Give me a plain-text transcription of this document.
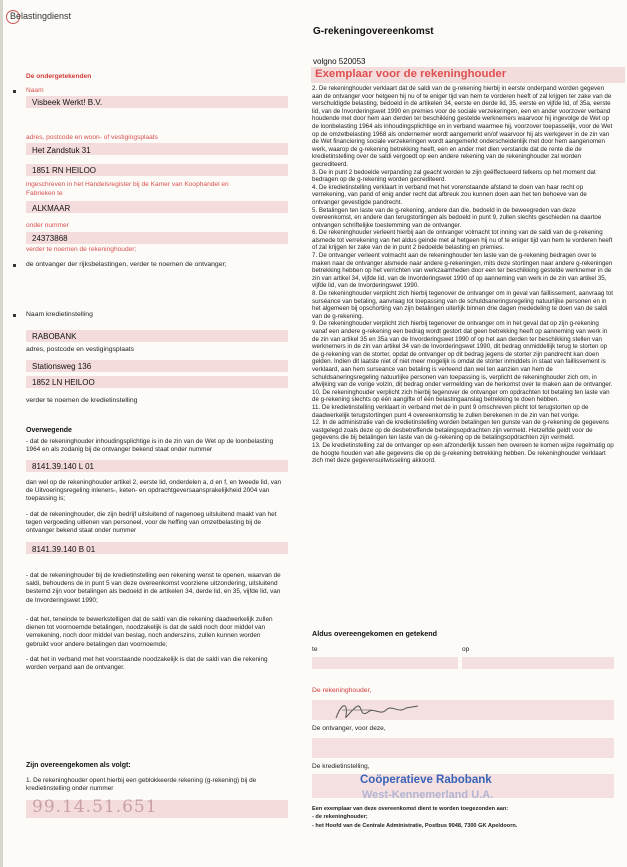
Belastingdienst
G-rekeningovereenkomst
De ondergetekenden
Naam
Visbeek Werkt! B.V.
adres, postcode en woon- of vestigingsplaats
Het Zandstuk 31
1851 RN HEILOO
ingeschreven in het Handelsregister bij de Kamer van Koophandel en
Fabrieken te
ALKMAAR
onder nummer
24373868
verder te noemen de rekeninghouder;
de ontvanger der rijksbelastingen, verder te noemen de ontvanger;
Naam kredietinstelling
RABOBANK
adres, postcode en vestigingsplaats
Stationsweg 136
1852 LN HEILOO
verder te noemen de kredietinstelling
Overwegende
- dat de rekeninghouder inhoudingsplichtige is in de zin van de Wet op de loonbelasting 1964 en als zodanig bij de ontvanger bekend staat onder nummer
8141.39.140 L 01
dan wel op de rekeninghouder artikel 2, eerste lid, onderdelen a, d en f, en tweede lid, van de Uitvoeringsregeling inleners-, keten- en opdrachtgeversaansprakelijkheid 2004 van toepassing is;
- dat de rekeninghouder, die zijn bedrijf uitsluitend of nagenoeg uitsluitend maakt van het tegen vergoeding uitlenen van personeel, voor de heffing van omzetbelasting bij de ontvanger bekend staat onder nummer
8141.39.140 B 01
- dat de rekeninghouder bij de kredietinstelling een rekening wenst te openen, waarvan de saldi, behoudens de in punt 5 van deze overeenkomst voorziene uitzondering, uitsluitend bestemd zijn voor betalingen als bedoeld in de artikelen 34, derde lid, en 35, vijfde lid, van de Invorderingswet 1990;
- dat het, teneinde te bewerkstelligen dat de saldi van die rekening daadwerkelijk zullen dienen tot voornoemde betalingen, noodzakelijk is dat de saldi noch door middel van verrekening, noch door middel van beslag, noch anderszins, zullen kunnen worden gebruikt voor andere betalingen dan voornoemde;
- dat het in verband met het voorstaande noodzakelijk is dat de saldi van die rekening worden verpand aan de ontvanger.
Zijn overeengekomen als volgt:
1. De rekeninghouder opent hierbij een geblokkeerde rekening (g-rekening) bij de kredietinstelling onder nummer
99.14.51.651
volgno 520053
Exemplaar voor de rekeninghouder

2. De rekeninghouder verklaart dat de saldi van de g-rekening hierbij in eerste onderpand worden gegeven aan de ontvanger voor hetgeen hij nu of te eniger tijd van hem te vorderen heeft of zal krijgen ter zake van de verschuldigde belasting, bedoeld in de artikelen 34, eerste en derde lid, 35, eerste en vijfde lid, of 35a, eerste lid, van de Invorderingswet 1990 en premies voor de sociale verzekeringen, een en ander voorzover verband houdende met door hem aan derden ter beschikking gestelde werknemers waarvoor hij ingevolge de Wet op de loonbelasting 1964 als inhoudingsplichtige en in verband waarmee hij, voorzover toepasselijk, voor de Wet op de omzetbelasting 1968 als ondernemer wordt aangemerkt en/of waarvoor hij als werkgever in de zin van de Wet financiering sociale verzekeringen wordt aangemerkt onderscheidenlijk met door hem aangenomen werk, waarop de g-rekening betrekking heeft, een en ander met dien verstande dat de rente die de kredietinstelling over de saldi vergoedt op een andere rekening van de rekeninghouder zal worden gecrediteerd.

3. De in punt 2 bedoelde verpanding zal geacht worden te zijn geëffectueerd telkens op het moment dat bedragen op de g-rekening worden gecrediteerd.

4. De kredietinstelling verklaart in verband met het vorenstaande afstand te doen van haar recht op verrekening, van pand of enig ander recht dat afbreuk zou kunnen doen aan het ten behoeve van de ontvanger gevestigde pandrecht.

5. Betalingen ten laste van de g-rekening, andere dan die, bedoeld in de beweegreden van deze overeenkomst, en andere dan terugstortingen als bedoeld in punt 9, zullen slechts geschieden na daartoe ontvangen schriftelijke toestemming van de ontvanger.

6. De rekeninghouder verleent hierbij aan de ontvanger volmacht tot inning van de saldi van de g-rekening alsmede tot verrekening van het aldus geinde met al hetgeen hij nu of te eniger tijd van hem te vorderen heeft of zal krijgen ter zake van de in punt 2 bedoelde belasting en premies.

7. De ontvanger verleent volmacht aan de rekeninghouder ten laste van de g-rekening bedragen over te maken naar de ontvanger alsmede naar andere g-rekeningen, mits deze stortingen naar andere g-rekeningen betrekking hebben op het verrichten van werkzaamheden door een ter beschikking gestelde werknemer in de zin van artikel 34, vijfde lid, van de Invorderingswet 1990 of op aanneming van werk in de zin van artikel 35, vijfde lid, van de Invorderingswet 1990.

8. De rekeninghouder verplicht zich hierbij tegenover de ontvanger om in geval van faillissement, aanvraag tot surséance van betaling, aanvraag tot toepassing van de schuldsaneringsregeling natuurlijke personen en in het algemeen bij opschorting van zijn betalingen uiterlijk binnen drie dagen mededeling te doen van de saldi van de g-rekening.

9. De rekeninghouder verplicht zich hierbij tegenover de ontvanger om in het geval dat op zijn g-rekening vanaf een andere g-rekening een bedrag wordt gestort dat geen betrekking heeft op aanneming van werk in de zin van artikel 35 en 35a van de Invorderingswet 1990 of op het aan derden ter beschikking stellen van werknemers in de zin van artikel 34 van de Invorderingswet 1990, dit bedrag onmiddellijk terug te storten op de g-rekening van de storter, opdat de ontvanger op dit bedrag jegens de storter zijn pandrecht kan doen gelden. Indien dit laatste niet of niet meer mogelijk is omdat de storter inmiddels in staat van faillissement is verklaard, aan hem surseance van betaling is verleend dan wel ten aanzien van hem de schuldsaneringsregeling natuurlijke personen van toepassing is, verplicht de rekeninghouder zich om, in afwijking van de vorige volzin, dit bedrag onder vermelding van de herkomst over te maken aan de ontvanger.

10. De rekeninghouder verplicht zich hierbij tegenover de ontvanger om opdrachten tot betaling ten laste van de g-rekening slechts op één aangifte of één belastingaanslag betrekking te doen hebben.

11. De kredietinstelling verklaart in verband met de in punt 9 omschreven plicht tot terugstorten op de daadwerkelijk terugstortingen punt 4 overeenkomstig te zullen berekenen in de zin van het vorige.

12. In de administratie van de kredietinstelling worden betalingen ten gunste van de g-rekening de gegevens vastgelegd zoals deze op de desbetreffende betalingsopdrachten zijn vermeld. Hetzelfde geldt voor de gegevens die bij betalingen ten laste van de g-rekening op de betalingsopdrachten zijn vermeld.

13. De kredietinstelling zal de ontvanger op een afzonderlijk tussen hen overeen te komen wijze regelmatig op de hoogte houden van alle gegevens die op de g-rekening betrekking hebben. De rekeninghouder verklaart zich met deze gegevensuitwisseling akkoord.

Aldus overeengekomen en getekend
te	op
De rekeninghouder,
De ontvanger, voor deze,
De kredietinstelling,
Coöperatieve Rabobank
West-Kennemerland U.A.
Een exemplaar van deze overeenkomst dient te worden toegezonden aan:
- de rekeninghouder;
- het Hoofd van de Centrale Administratie, Postbus 9048, 7300 GK Apeldoorn.
